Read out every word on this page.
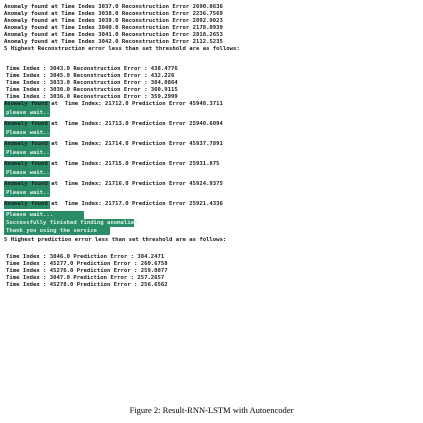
Anomaly found at Time Index 3037.0 Reconstruction Error 2690.8636
Anomaly found at Time Index 3038.0 Reconstruction Error 2236.7569
Anomaly found at Time Index 3039.0 Reconstruction Error 2892.9023
Anomaly found at Time Index 3040.0 Reconstruction Error 2178.0939
Anomaly found at Time Index 3041.0 Reconstruction Error 2818.2653
Anomaly found at Time Index 3042.0 Reconstruction Error 2112.5235
5 Highest Reconstruction error less than set threshold are as follows:
Time Index : 3043.0 Reconstruction Error : 438.4776
Time Index : 3045.0 Reconstruction Error : 432.226
Time Index : 3033.0 Reconstruction Error : 384.0864
Time Index : 3030.0 Reconstruction Error : 360.9115
Time Index : 3036.0 Reconstruction Error : 359.2999
Anomaly found at  Time Index: 21712.0 Prediction Error 45948.3711
please wait...
Anomaly found at  Time Index: 21713.0 Prediction Error 25940.6094
Please wait...
Anomaly found at  Time Index: 21714.0 Prediction Error 45937.7891
Please wait...
Anomaly found at  Time Index: 21715.0 Prediction Error 25931.875
Please wait...
Anomaly found at  Time Index: 21716.0 Prediction Error 45924.9375
Please wait...
Anomaly found at  Time Index: 21717.0 Prediction Error 25921.4336
Please wait...
Successfully finished finding anomalies
Thank you using the service
5 Highest prediction error less than set threshold are as follows:
Time Index : 3046.0 Prediction Error : 384.2471
Time Index : 45277.0 Prediction Error : 260.6758
Time Index : 45276.0 Prediction Error : 259.0077
Time Index : 3047.0 Prediction Error : 257.2657
Time Index : 45278.0 Prediction Error : 256.6562
Figure 2: Result-RNN-LSTM with Autoencoder
